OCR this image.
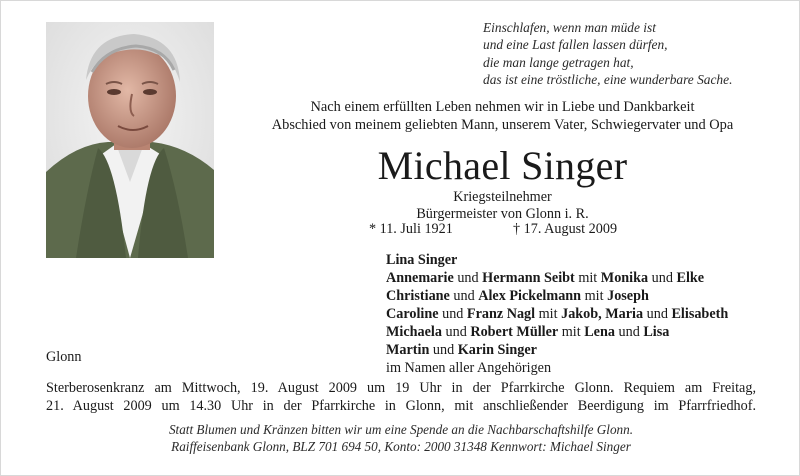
Einschlafen, wenn man müde ist
und eine Last fallen lassen dürfen,
die man lange getragen hat,
das ist eine tröstliche, eine wunderbare Sache.
Nach einem erfüllten Leben nehmen wir in Liebe und Dankbarkeit
Abschied von meinem geliebten Mann, unserem Vater, Schwiegervater und Opa
Michael Singer
Kriegsteilnehmer
Bürgermeister von Glonn i. R.
* 11. Juli 1921	† 17. August 2009
Lina Singer
Annemarie und Hermann Seibt mit Monika und Elke
Christiane und Alex Pickelmann mit Joseph
Caroline und Franz Nagl mit Jakob, Maria und Elisabeth
Michaela und Robert Müller mit Lena und Lisa
Martin und Karin Singer
im Namen aller Angehörigen
Glonn
Sterberosenkranz am Mittwoch, 19. August 2009 um 19 Uhr in der Pfarrkirche Glonn. Requiem am Freitag,
21. August 2009 um 14.30 Uhr in der Pfarrkirche in Glonn, mit anschließender Beerdigung im Pfarrfriedhof.
Statt Blumen und Kränzen bitten wir um eine Spende an die Nachbarschaftshilfe Glonn.
Raiffeisenbank Glonn, BLZ 701 694 50, Konto: 2000 31348 Kennwort: Michael Singer
